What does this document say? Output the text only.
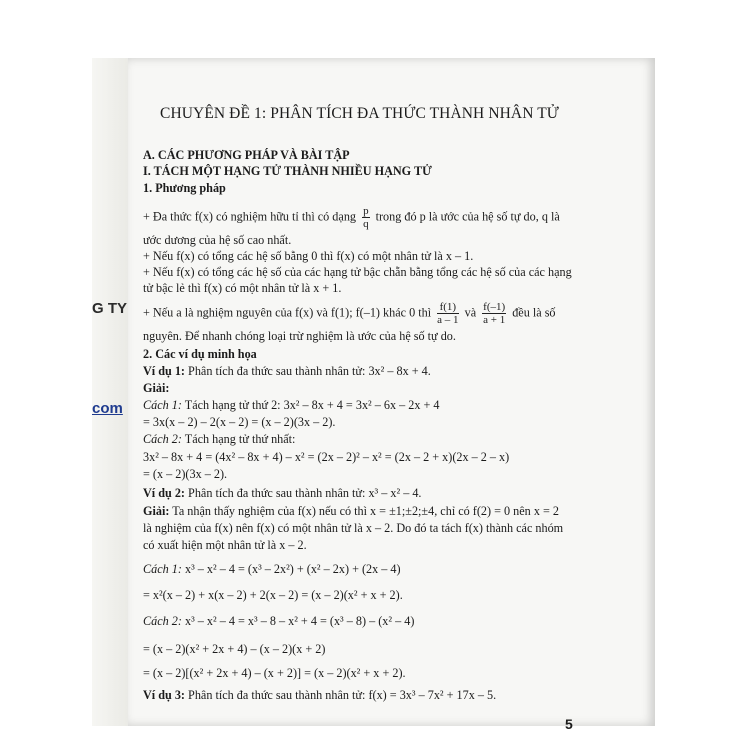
G TY
com
CHUYÊN ĐỀ 1: PHÂN TÍCH ĐA THỨC THÀNH NHÂN TỬ
A. CÁC PHƯƠNG PHÁP VÀ BÀI TẬP
I. TÁCH MỘT HẠNG TỬ THÀNH NHIỀU HẠNG TỬ
1. Phương pháp
+ Đa thức f(x) có nghiệm hữu tỉ thì có dạng $\frac{p}{q}$ trong đó p là ước của hệ số tự do, q là
ước dương của hệ số cao nhất.
+ Nếu f(x) có tổng các hệ số bằng 0 thì f(x) có một nhân tử là x – 1.
+ Nếu f(x) có tổng các hệ số của các hạng tử bậc chẵn bằng tổng các hệ số của các hạng
tử bậc lẻ thì f(x) có một nhân tử là x + 1.
+ Nếu a là nghiệm nguyên của f(x) và f(1); f(–1) khác 0 thì $\frac{f(1)}{a - 1}$ và $\frac{f(-1)}{a + 1}$ đều là số
nguyên. Để nhanh chóng loại trừ nghiệm là ước của hệ số tự do.
2. Các ví dụ minh họa
Ví dụ 1: Phân tích đa thức sau thành nhân tử: 3x² – 8x + 4.
Giải:
Cách 1: Tách hạng tử thứ 2: 3x² – 8x + 4 = 3x² – 6x – 2x + 4
= 3x(x – 2) – 2(x – 2) = (x – 2)(3x – 2).
Cách 2: Tách hạng tử thứ nhất:
3x² – 8x + 4 = (4x² – 8x + 4) – x² = (2x – 2)² – x² = (2x – 2 + x)(2x – 2 – x)
= (x – 2)(3x – 2).
Ví dụ 2: Phân tích đa thức sau thành nhân tử: x³ – x² – 4.
Giải: Ta nhận thấy nghiệm của f(x) nếu có thì x = ±1;±2;±4, chỉ có f(2) = 0 nên x = 2
là nghiệm của f(x) nên f(x) có một nhân tử là x – 2. Do đó ta tách f(x) thành các nhóm
có xuất hiện một nhân tử là x – 2.
Cách 1: x³ – x² – 4 = (x³ – 2x²) + (x² – 2x) + (2x – 4)
= x²(x – 2) + x(x – 2) + 2(x – 2) = (x – 2)(x² + x + 2).
Cách 2: x³ – x² – 4 = x³ – 8 – x² + 4 = (x³ – 8) – (x² – 4)
= (x – 2)(x² + 2x + 4) – (x – 2)(x + 2)
= (x – 2)[(x² + 2x + 4) – (x + 2)] = (x – 2)(x² + x + 2).
Ví dụ 3: Phân tích đa thức sau thành nhân tử: f(x) = 3x³ – 7x² + 17x – 5.
5
